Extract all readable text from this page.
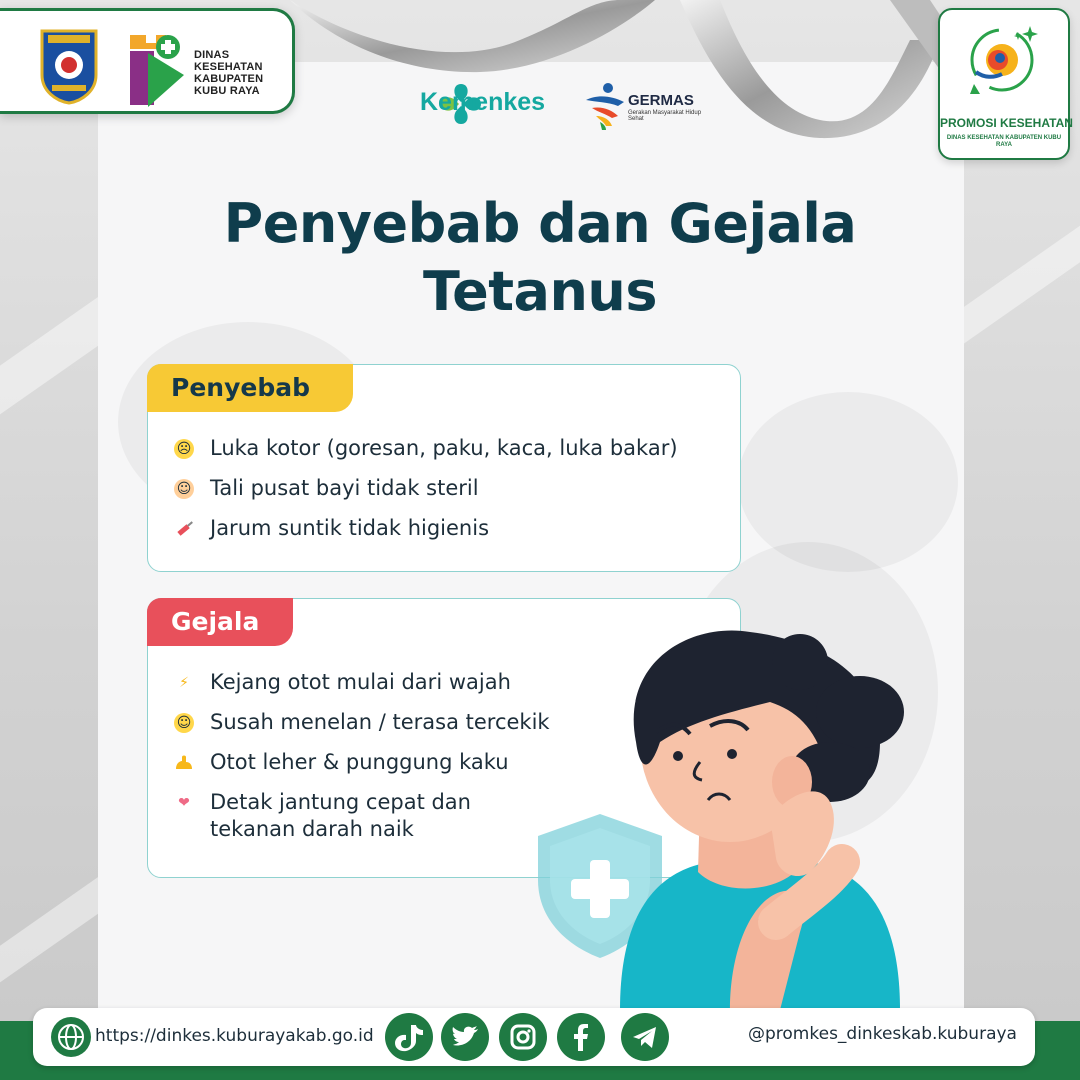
DINAS
KESEHATAN
KABUPATEN
KUBU RAYA	Kemenkes	GERMAS
Gerakan Masyarakat Hidup Sehat	PROMOSI KESEHATAN
DINAS KESEHATAN KABUPATEN KUBU RAYA
Penyebab dan Gejala
Tetanus
Penyebab
☹ Luka kotor (goresan, paku, kaca, luka bakar)
☺ Tali pusat bayi tidak steril
Jarum suntik tidak higienis
Gejala
⚡ Kejang otot mulai dari wajah
☺ Susah menelan / terasa tercekik
Otot leher & punggung kaku
❤ Detak jantung cepat dan
tekanan darah naik
https://dinkes.kuburayakab.go.id	@promkes_dinkeskab.kuburaya
